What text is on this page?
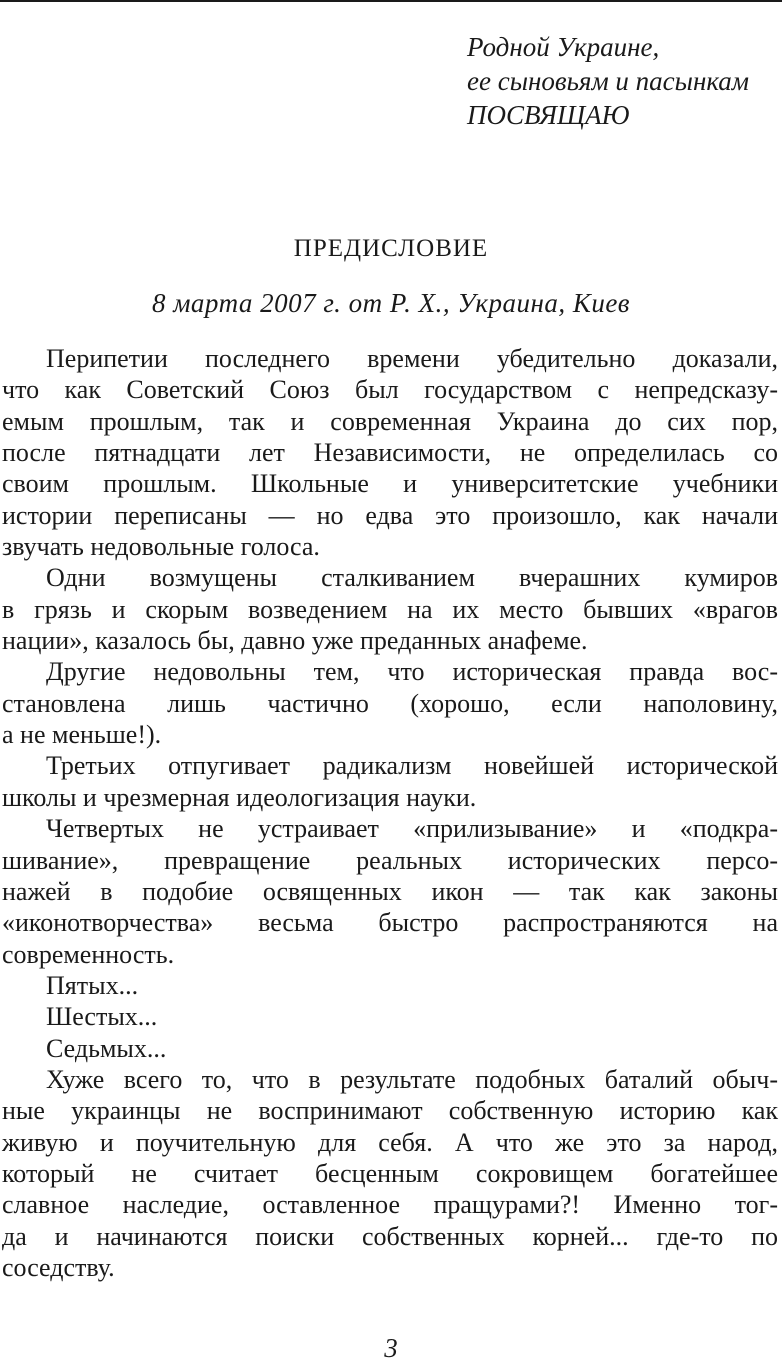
Родной Украине,
ее сыновьям и пасынкам
ПОСВЯЩАЮ
ПРЕДИСЛОВИЕ
8 марта 2007 г. от Р. Х., Украина, Киев
Перипетии последнего времени убедительно доказали,
что как Советский Союз был государством с непредсказу-
емым прошлым, так и современная Украина до сих пор,
после пятнадцати лет Независимости, не определилась со
своим прошлым. Школьные и университетские учебники
истории переписаны — но едва это произошло, как начали
звучать недовольные голоса.
Одни возмущены сталкиванием вчерашних кумиров
в грязь и скорым возведением на их место бывших «врагов
нации», казалось бы, давно уже преданных анафеме.
Другие недовольны тем, что историческая правда вос-
становлена лишь частично (хорошо, если наполовину,
а не меньше!).
Третьих отпугивает радикализм новейшей исторической
школы и чрезмерная идеологизация науки.
Четвертых не устраивает «прилизывание» и «подкра-
шивание», превращение реальных исторических персо-
нажей в подобие освященных икон — так как законы
«иконотворчества» весьма быстро распространяются на
современность.
Пятых...
Шестых...
Седьмых...
Хуже всего то, что в результате подобных баталий обыч-
ные украинцы не воспринимают собственную историю как
живую и поучительную для себя. А что же это за народ,
который не считает бесценным сокровищем богатейшее
славное наследие, оставленное пращурами?! Именно тог-
да и начинаются поиски собственных корней... где-то по
соседству.
3
